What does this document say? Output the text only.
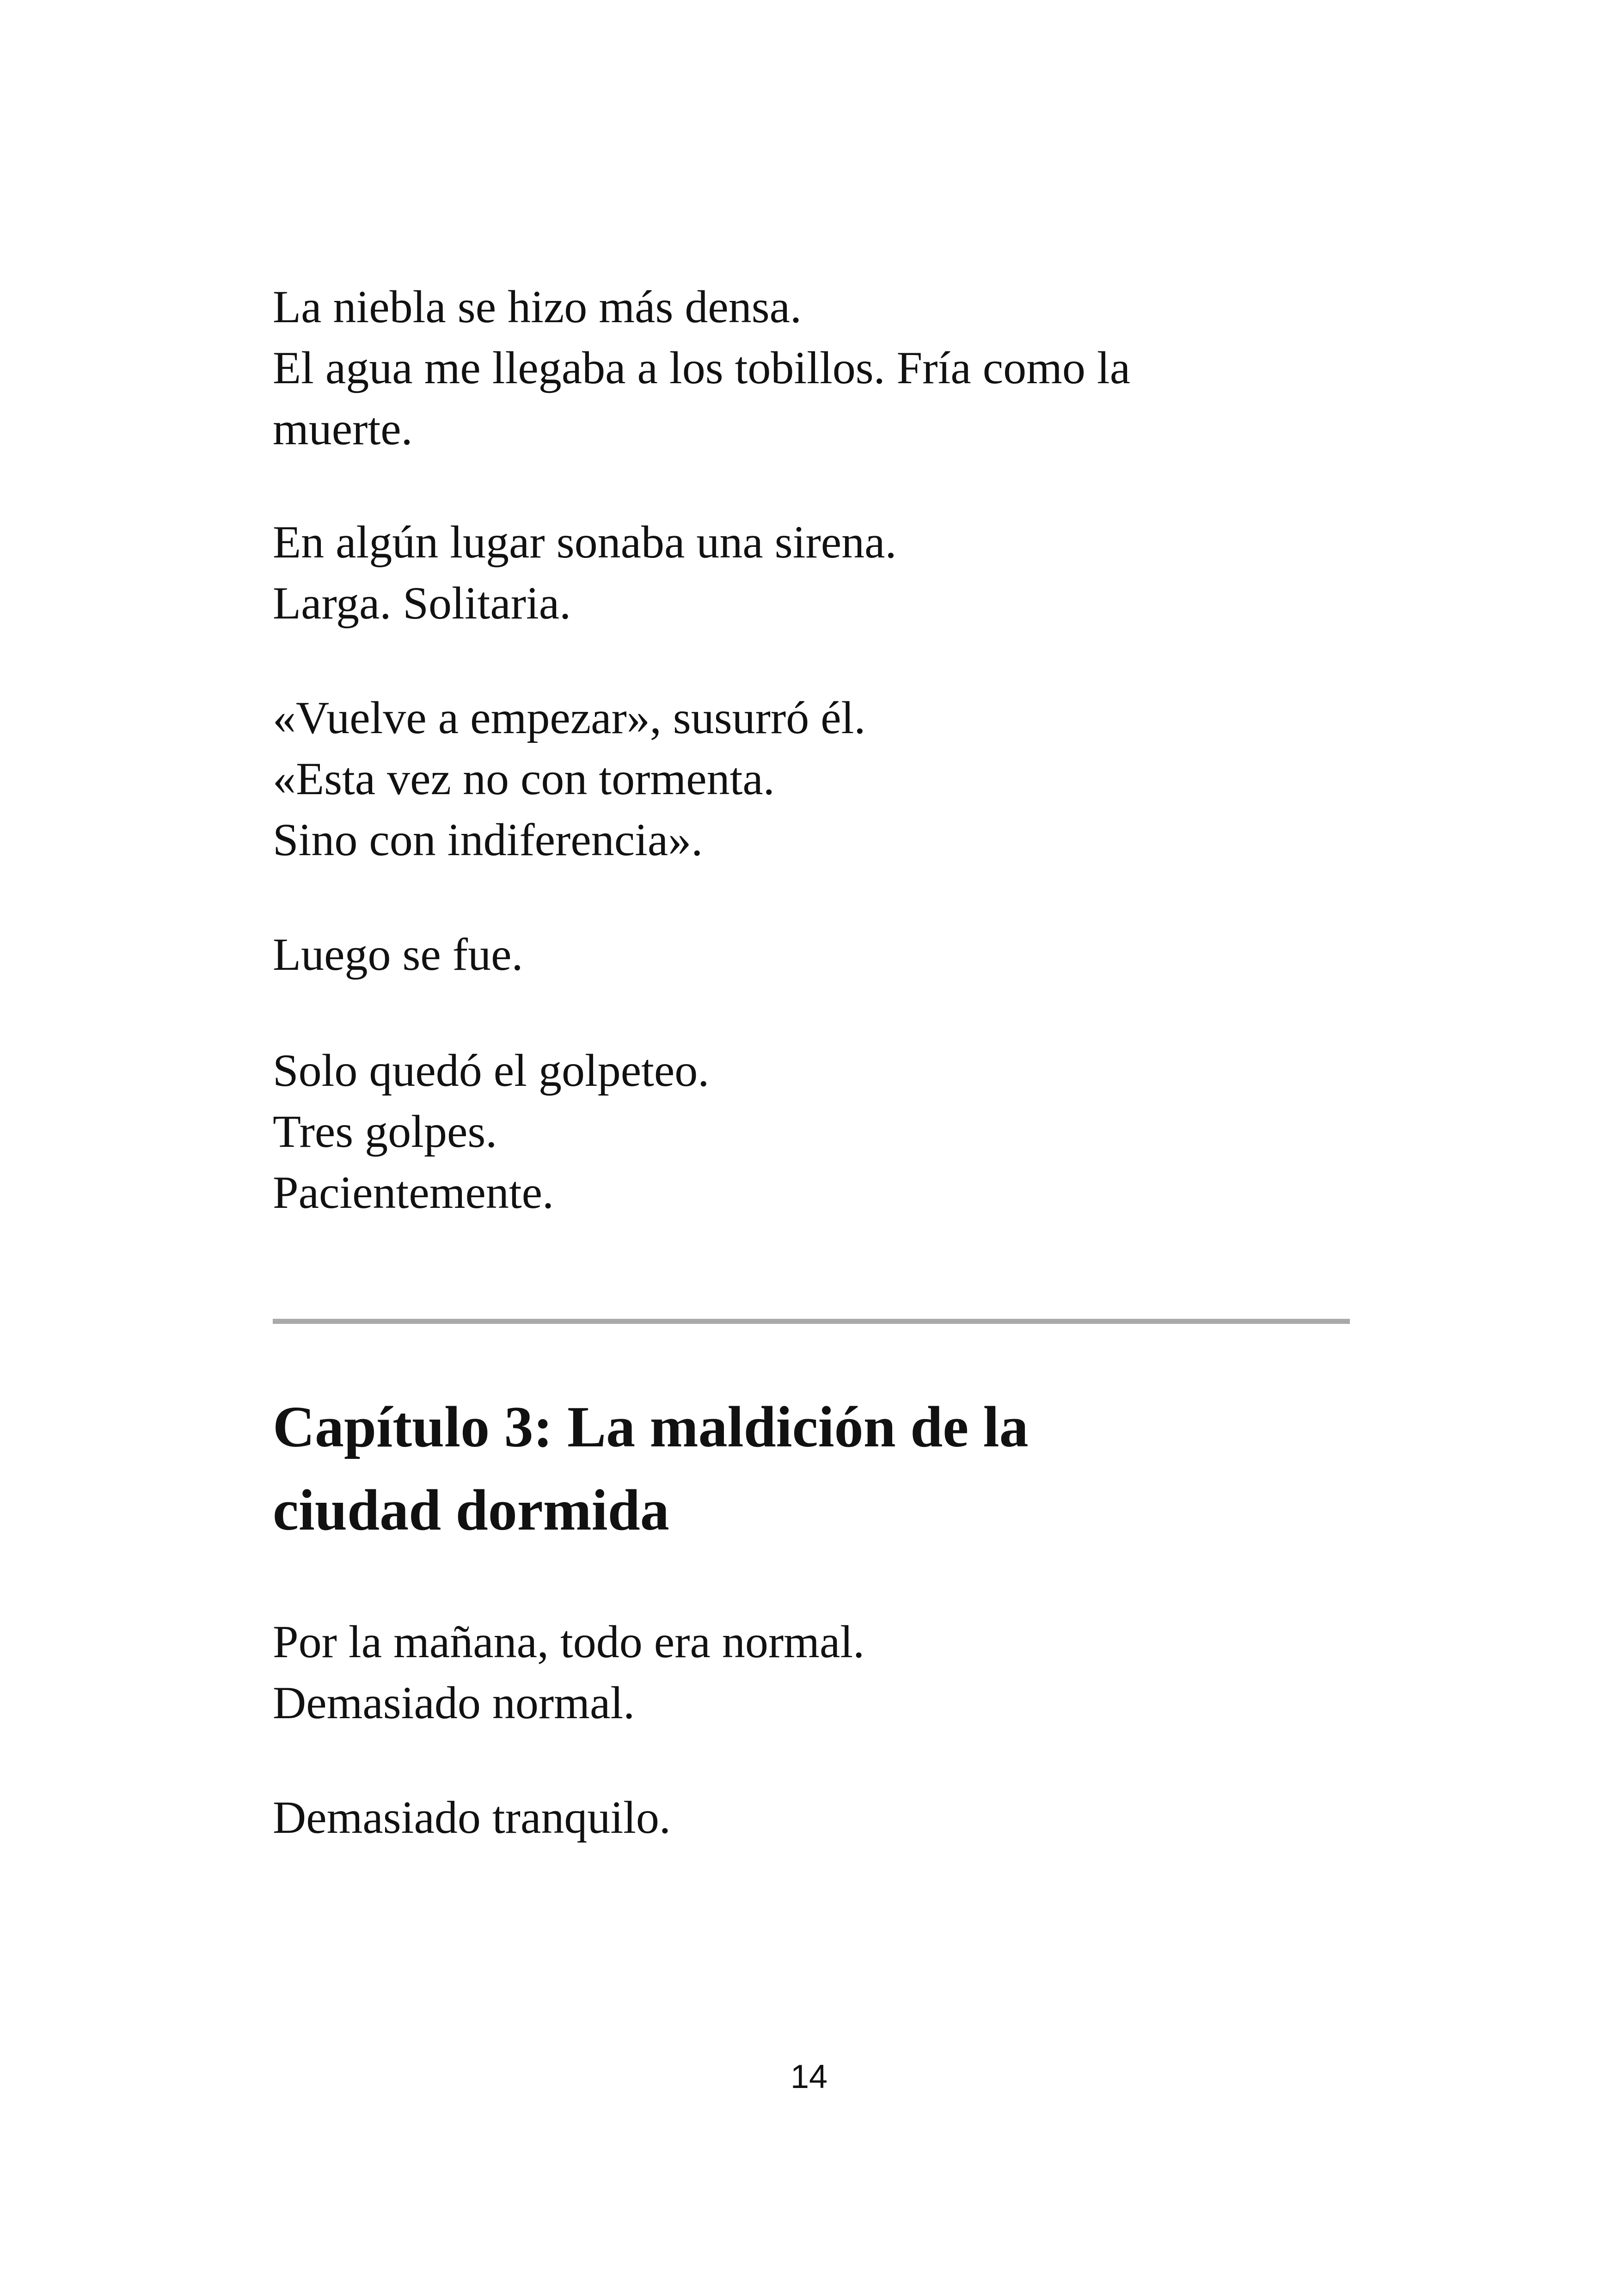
La niebla se hizo más densa.
El agua me llegaba a los tobillos. Fría como la
muerte.

En algún lugar sonaba una sirena.
Larga. Solitaria.

«Vuelve a empezar», susurró él.
«Esta vez no con tormenta.
Sino con indiferencia».

Luego se fue.

Solo quedó el golpeteo.
Tres golpes.
Pacientemente.

Capítulo 3: La maldición de la
ciudad dormida

Por la mañana, todo era normal.
Demasiado normal.

Demasiado tranquilo.

14
